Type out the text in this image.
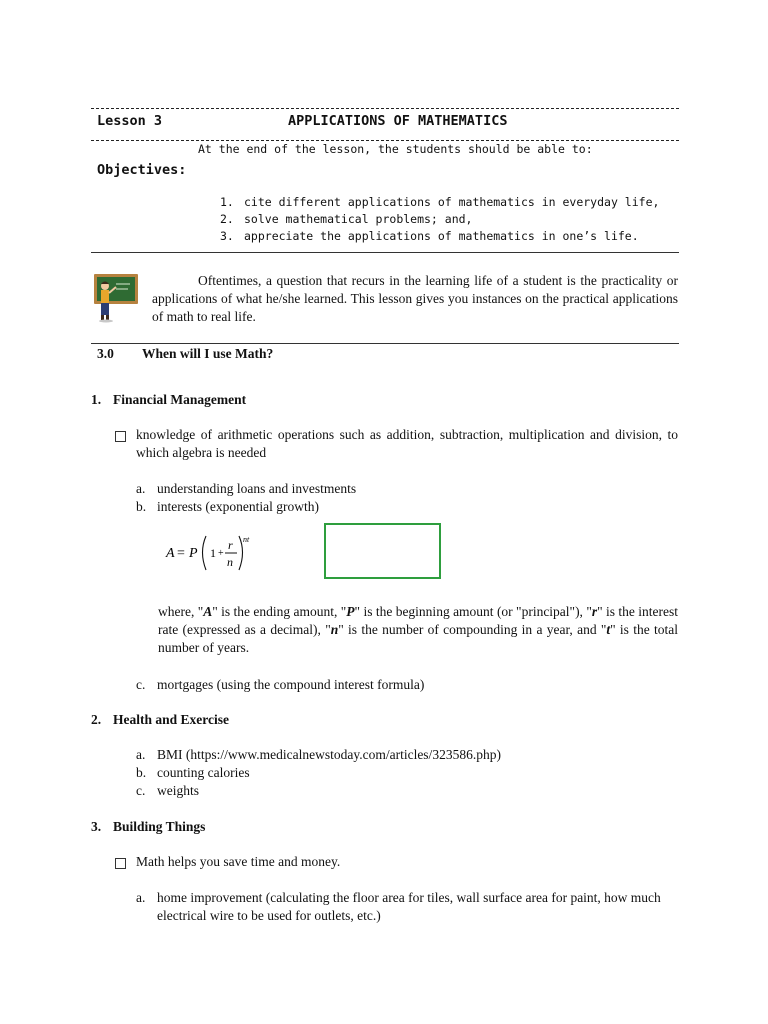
Lesson 3	APPLICATIONS OF MATHEMATICS
At the end of the lesson, the students should be able to:
Objectives:
1. cite different applications of mathematics in everyday life,
2. solve mathematical problems; and,
3. appreciate the applications of mathematics in one’s life.
Oftentimes, a question that recurs in the learning life of a student is the practicality or applications of what he/she learned. This lesson gives you instances on the practical applications of math to real life.
3.0 When will I use Math?
1. Financial Management
knowledge of arithmetic operations such as addition, subtraction, multiplication and division, to which algebra is needed
a. understanding loans and investments
b. interests (exponential growth)
A = P 1 +
r
n
nt
where, "A" is the ending amount, "P" is the beginning amount (or "principal"), "r" is the interest rate (expressed as a decimal), "n" is the number of compounding in a year, and "t" is the total number of years.
c. mortgages (using the compound interest formula)
2. Health and Exercise
a. BMI (https://www.medicalnewstoday.com/articles/323586.php)
b. counting calories
c. weights
3. Building Things
Math helps you save time and money.
a. home improvement (calculating the floor area for tiles, wall surface area for paint, how much electrical wire to be used for outlets, etc.)
